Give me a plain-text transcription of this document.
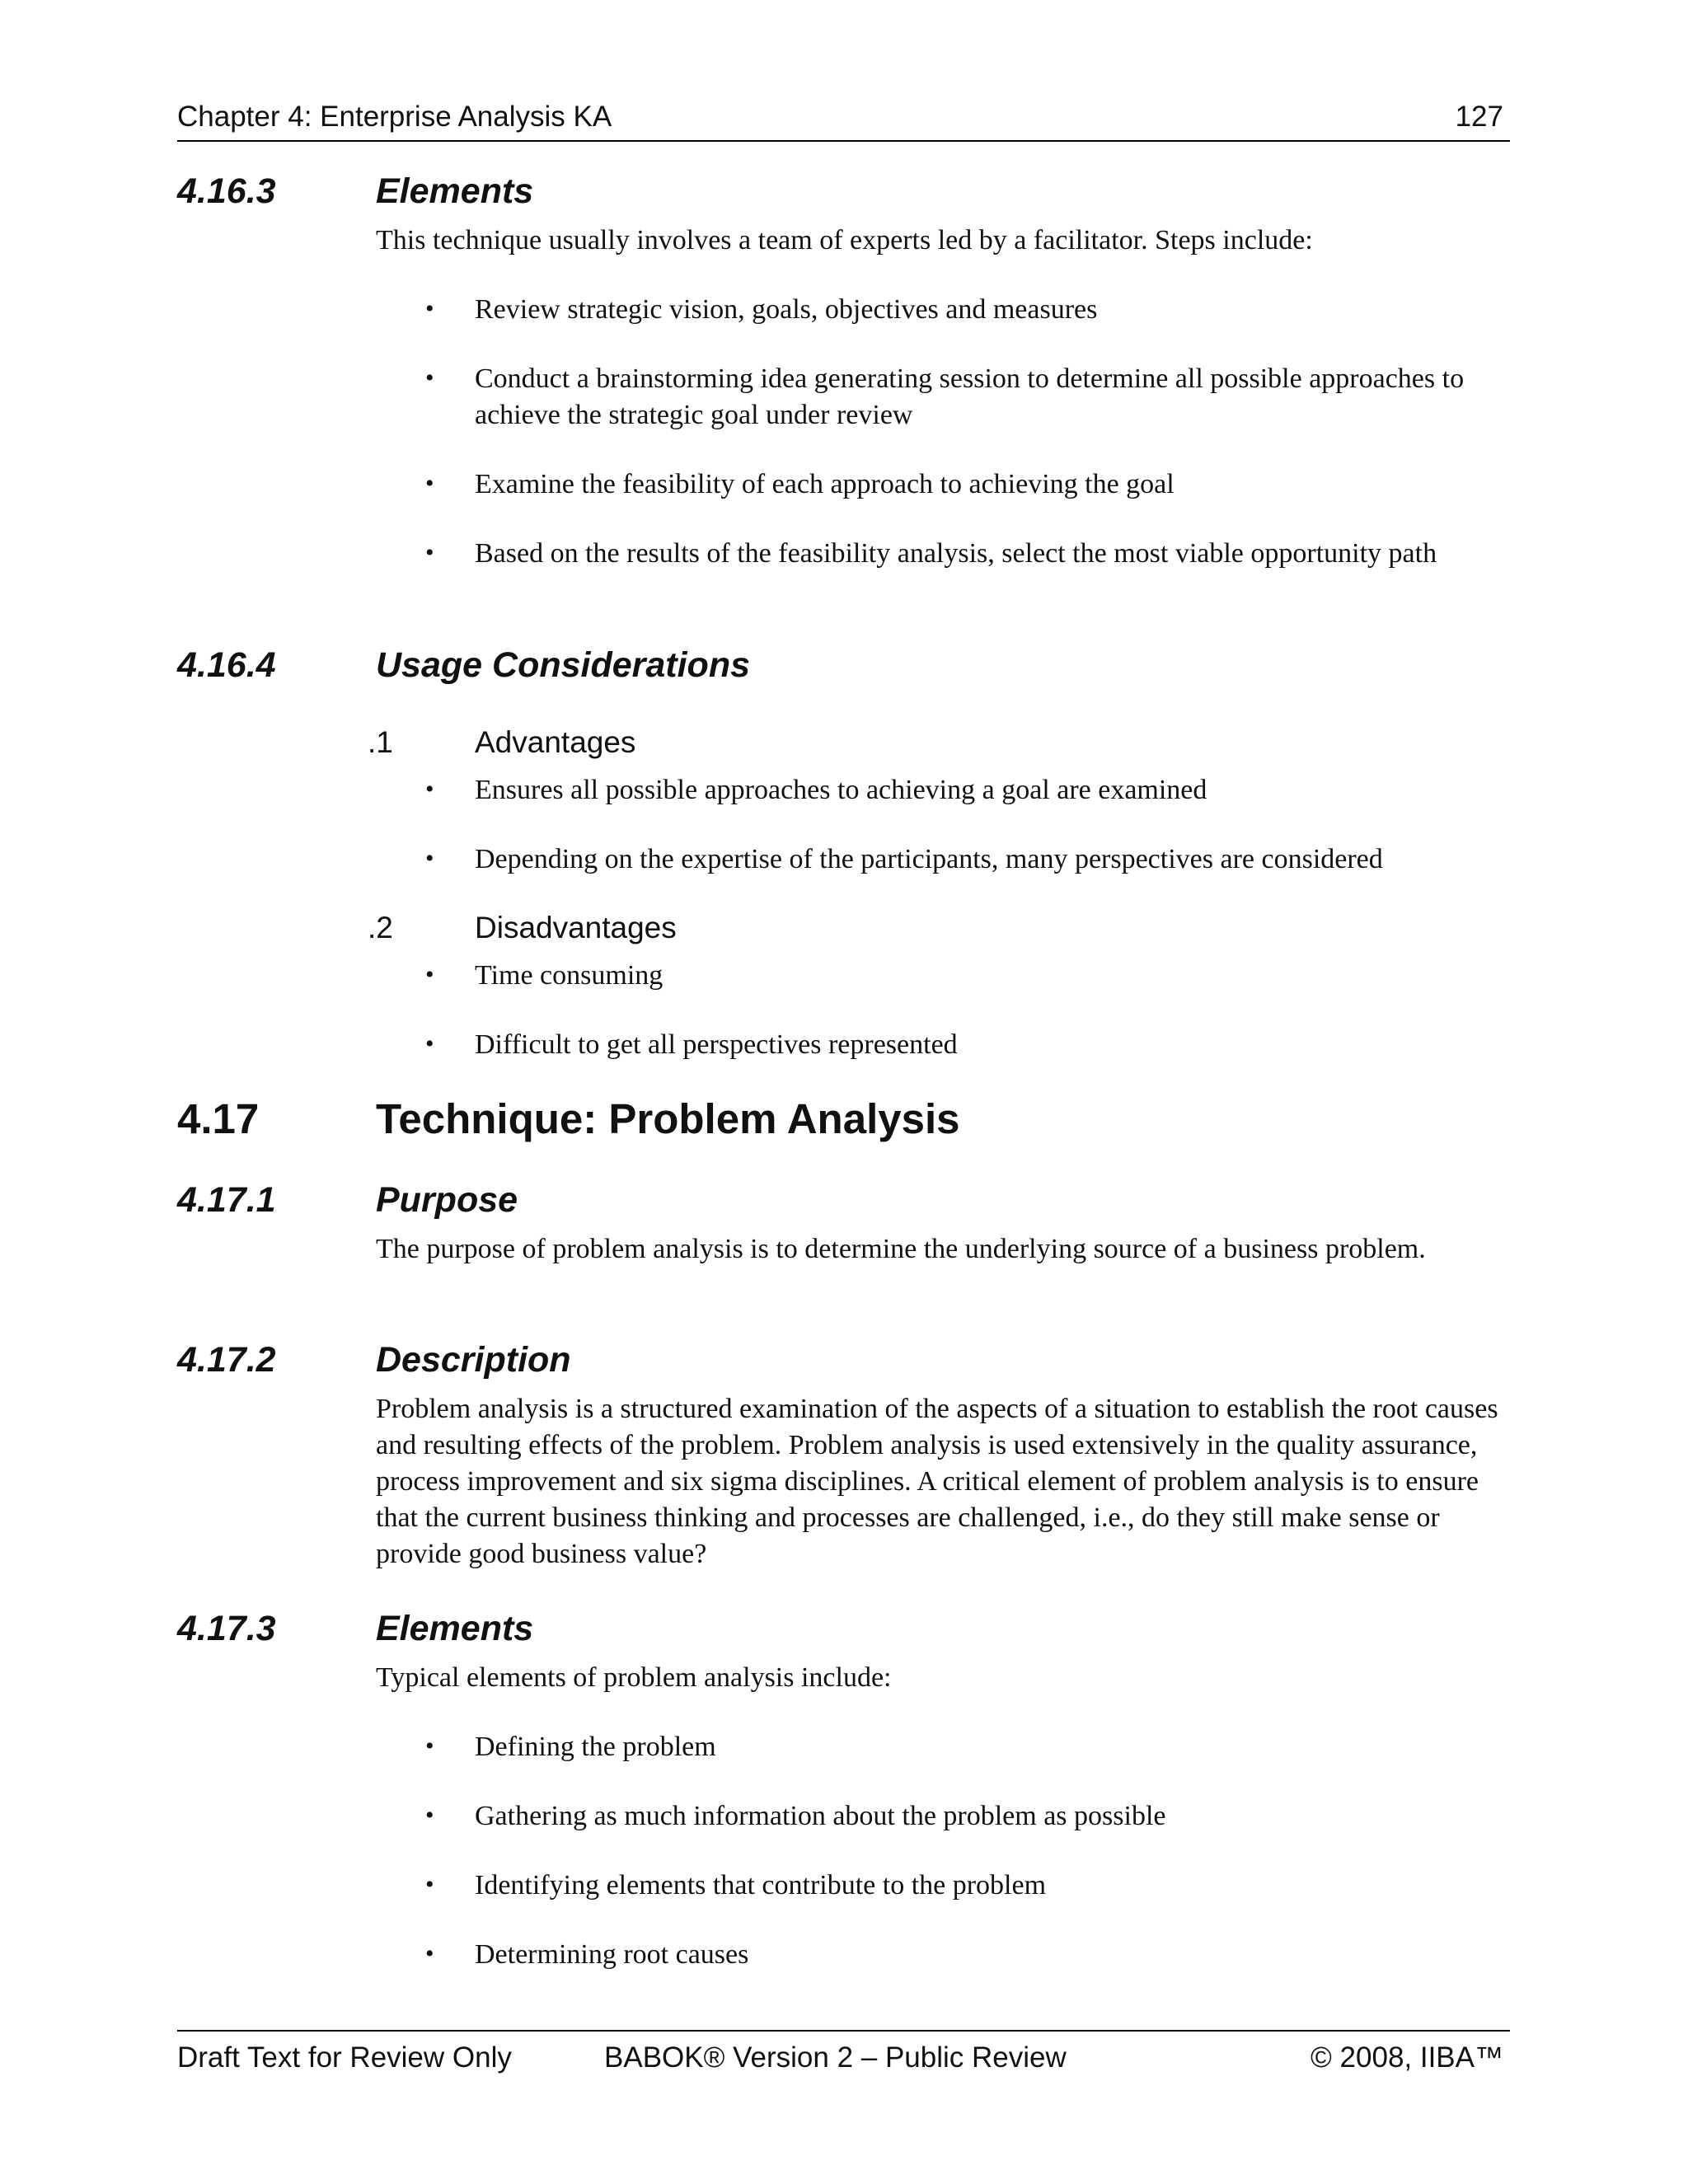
Chapter 4: Enterprise Analysis KA	127
4.16.3	Elements
This technique usually involves a team of experts led by a facilitator. Steps include:
• Review strategic vision, goals, objectives and measures
• Conduct a brainstorming idea generating session to determine all possible approaches to achieve the strategic goal under review
• Examine the feasibility of each approach to achieving the goal
• Based on the results of the feasibility analysis, select the most viable opportunity path
4.16.4	Usage Considerations
.1	Advantages
• Ensures all possible approaches to achieving a goal are examined
• Depending on the expertise of the participants, many perspectives are considered
.2	Disadvantages
• Time consuming
• Difficult to get all perspectives represented
4.17	Technique: Problem Analysis
4.17.1	Purpose
The purpose of problem analysis is to determine the underlying source of a business problem.
4.17.2	Description
Problem analysis is a structured examination of the aspects of a situation to establish the root causes and resulting effects of the problem. Problem analysis is used extensively in the quality assurance, process improvement and six sigma disciplines. A critical element of problem analysis is to ensure that the current business thinking and processes are challenged, i.e., do they still make sense or provide good business value?
4.17.3	Elements
Typical elements of problem analysis include:
• Defining the problem
• Gathering as much information about the problem as possible
• Identifying elements that contribute to the problem
• Determining root causes
Draft Text for Review Only	BABOK® Version 2 – Public Review	© 2008, IIBA™
